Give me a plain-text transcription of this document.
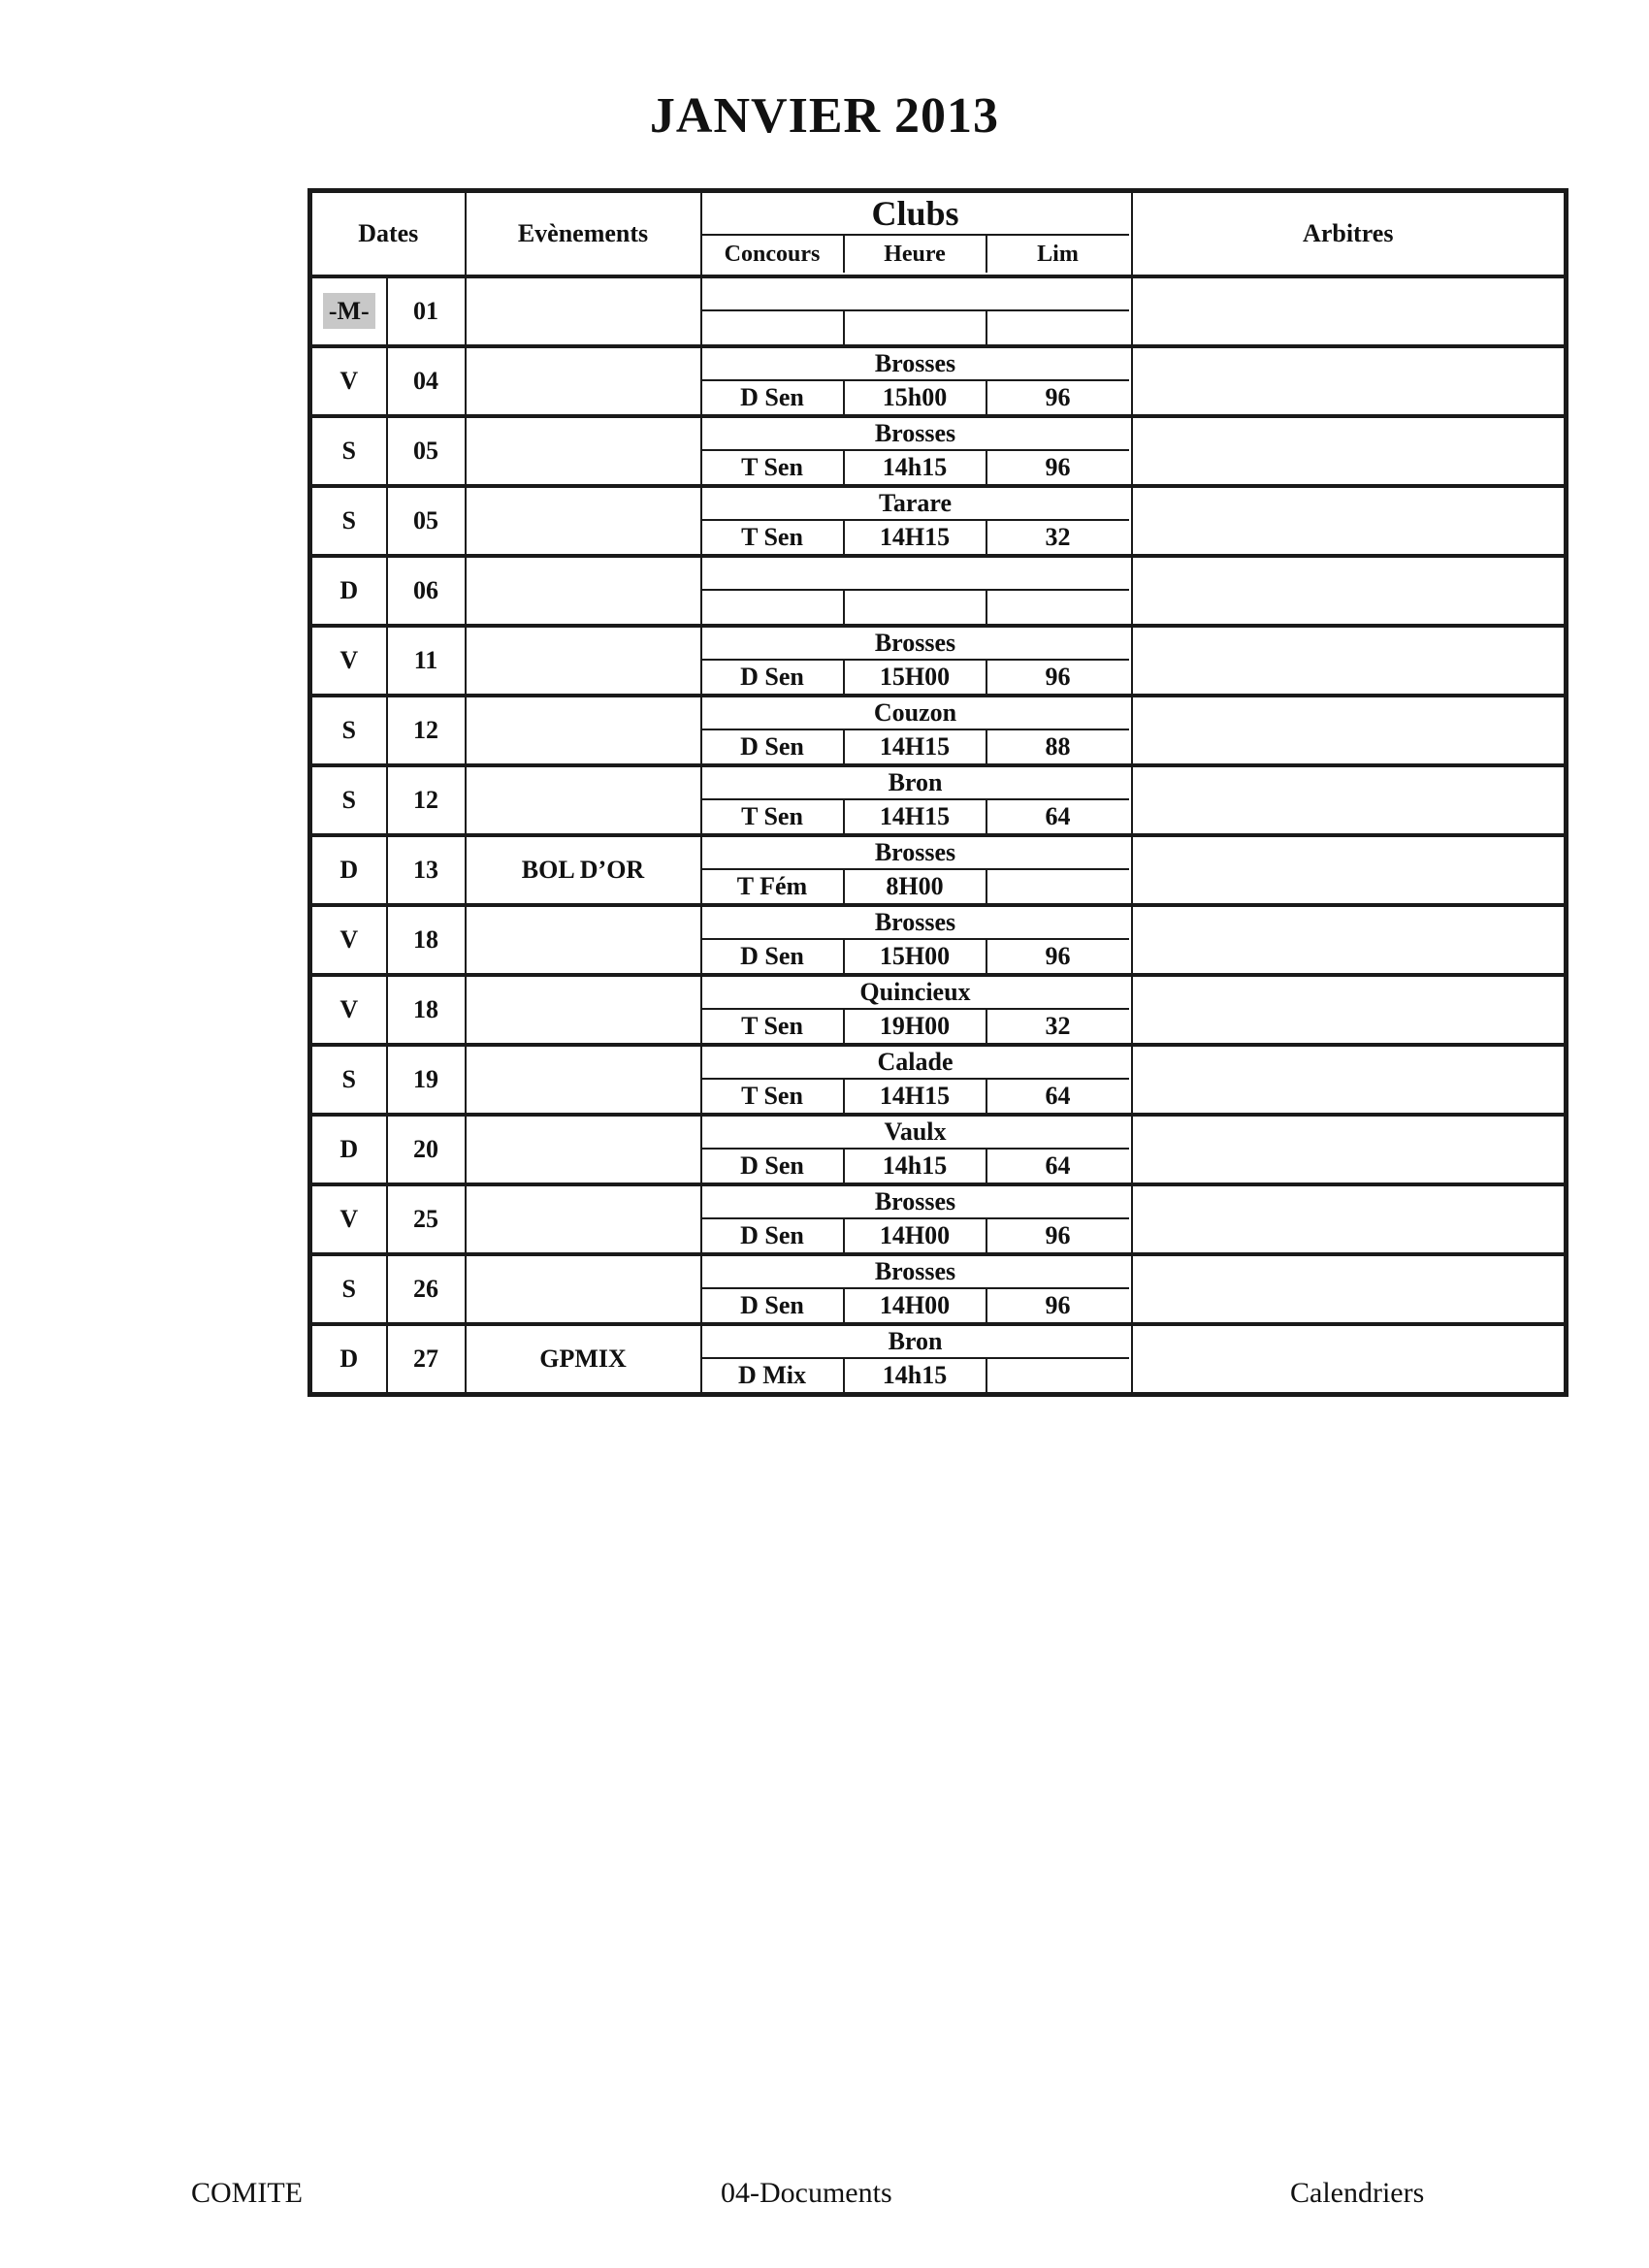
JANVIER 2013
Dates		Evènements	Clubs
Concours Heure Lim	Arbitres
-M-	01		

V	04		Brosses
D Sen 15h00 96	

S	05		Brosses
T Sen 14h15 96	

S	05		Tarare
T Sen 14H15 32	

D	06		

V	11		Brosses
D Sen 15H00 96	

S	12		Couzon
D Sen 14H15 88	

S	12		Bron
T Sen 14H15 64	

D	13	BOL D’OR	Brosses
T Fém 8H00	

V	18		Brosses
D Sen 15H00 96	

V	18		Quincieux
T Sen 19H00 32	

S	19		Calade
T Sen 14H15 64	

D	20		Vaulx
D Sen 14h15 64	

V	25		Brosses
D Sen 14H00 96	

S	26		Brosses
D Sen 14H00 96	

D	27	GPMIX	Bron
D Mix 14h15	

COMITE	04-Documents	Calendriers
